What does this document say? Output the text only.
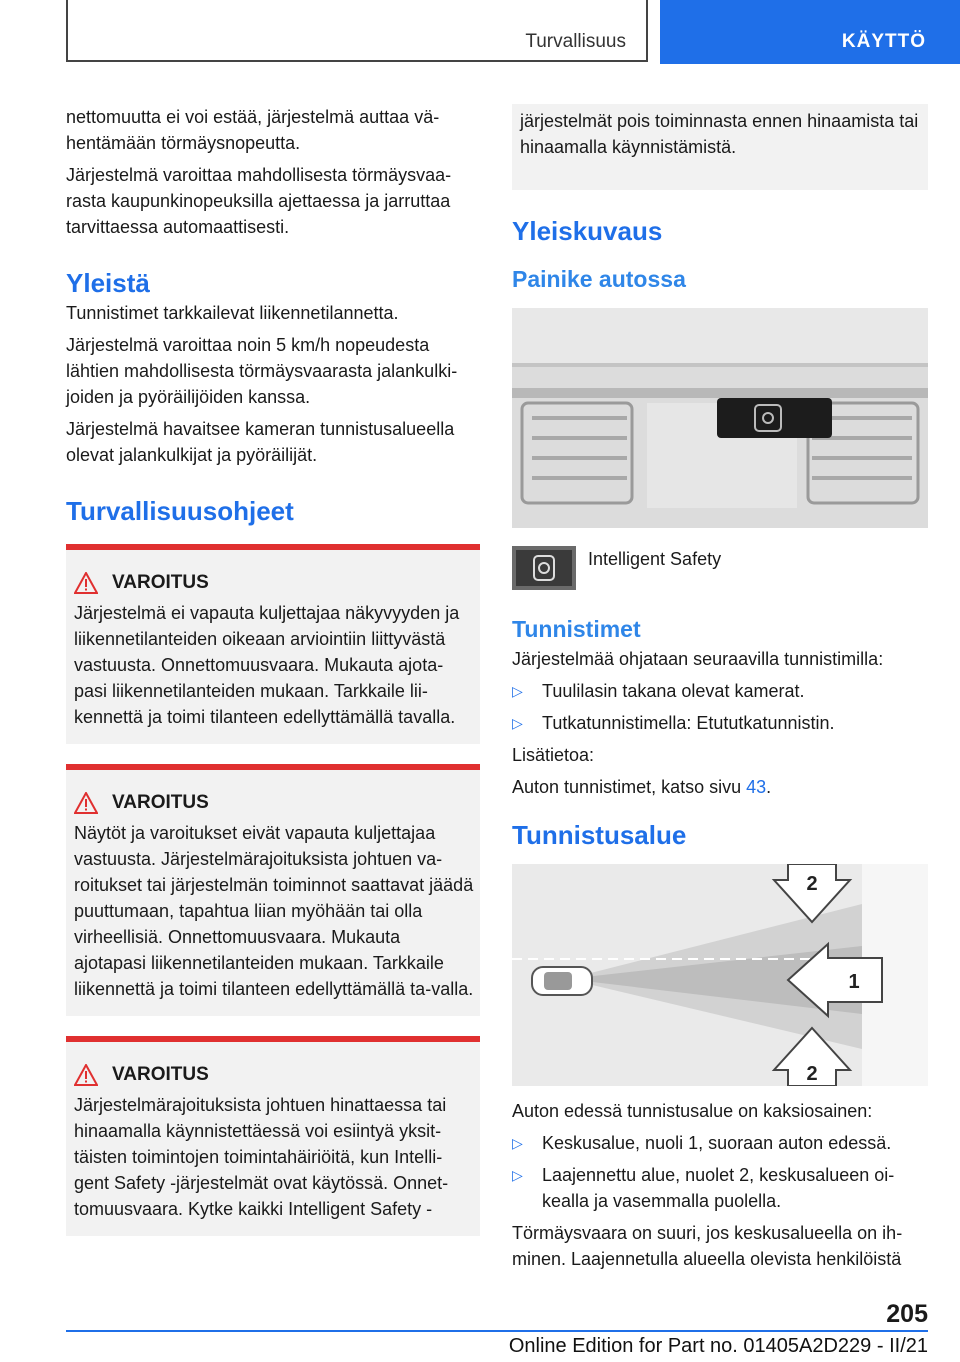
Turvallisuus	KÄYTTÖ

nettomuutta ei voi estää, järjestelmä auttaa vä-hentämään törmäysnopeutta.

Järjestelmä varoittaa mahdollisesta törmäysvaa-rasta kaupunkinopeuksilla ajettaessa ja jarruttaa tarvittaessa automaattisesti.

Yleistä

Tunnistimet tarkkailevat liikennetilannetta.

Järjestelmä varoittaa noin 5 km/h nopeudesta lähtien mahdollisesta törmäysvaarasta jalankulki-joiden ja pyöräilijöiden kanssa.

Järjestelmä havaitsee kameran tunnistusalueella olevat jalankulkijat ja pyöräilijät.

Turvallisuusohjeet
VAROITUS

Järjestelmä ei vapauta kuljettajaa näkyvyyden ja liikennetilanteiden oikeaan arviointiin liittyvästä vastuusta. Onnettomuusvaara. Mukauta ajota-pasi liikennetilanteiden mukaan. Tarkkaile lii-kennettä ja toimi tilanteen edellyttämällä tavalla.

VAROITUS

Näytöt ja varoitukset eivät vapauta kuljettajaa vastuusta. Järjestelmärajoituksista johtuen va-roitukset tai järjestelmän toiminnot saattavat jäädä puuttumaan, tapahtua liian myöhään tai olla virheellisiä. Onnettomuusvaara. Mukauta ajotapasi liikennetilanteiden mukaan. Tarkkaile liikennettä ja toimi tilanteen edellyttämällä ta-valla.

VAROITUS

Järjestelmärajoituksista johtuen hinattaessa tai hinaamalla käynnistettäessä voi esiintyä yksit-täisten toimintojen toimintahäiriöitä, kun Intelli-gent Safety -järjestelmät ovat käytössä. Onnet-tomuusvaara. Kytke kaikki Intelligent Safety -

järjestelmät pois toiminnasta ennen hinaamista tai hinaamalla käynnistämistä.

Yleiskuvaus
Painike autossa
Intelligent Safety
Tunnistimet

Järjestelmää ohjataan seuraavilla tunnistimilla:

▷ Tuulilasin takana olevat kamerat.
▷ Tutkatunnistimella: Etututkatunnistin.

Lisätietoa:

Auton tunnistimet, katso sivu 43.

Tunnistusalue
2
1
2

Auton edessä tunnistusalue on kaksiosainen:

▷ Keskusalue, nuoli 1, suoraan auton edessä.
▷ Laajennettu alue, nuolet 2, keskusalueen oi-kealla ja vasemmalla puolella.

Törmäysvaara on suuri, jos keskusalueella on ih-minen. Laajennetulla alueella olevista henkilöistä

205
Online Edition for Part no. 01405A2D229 - II/21
